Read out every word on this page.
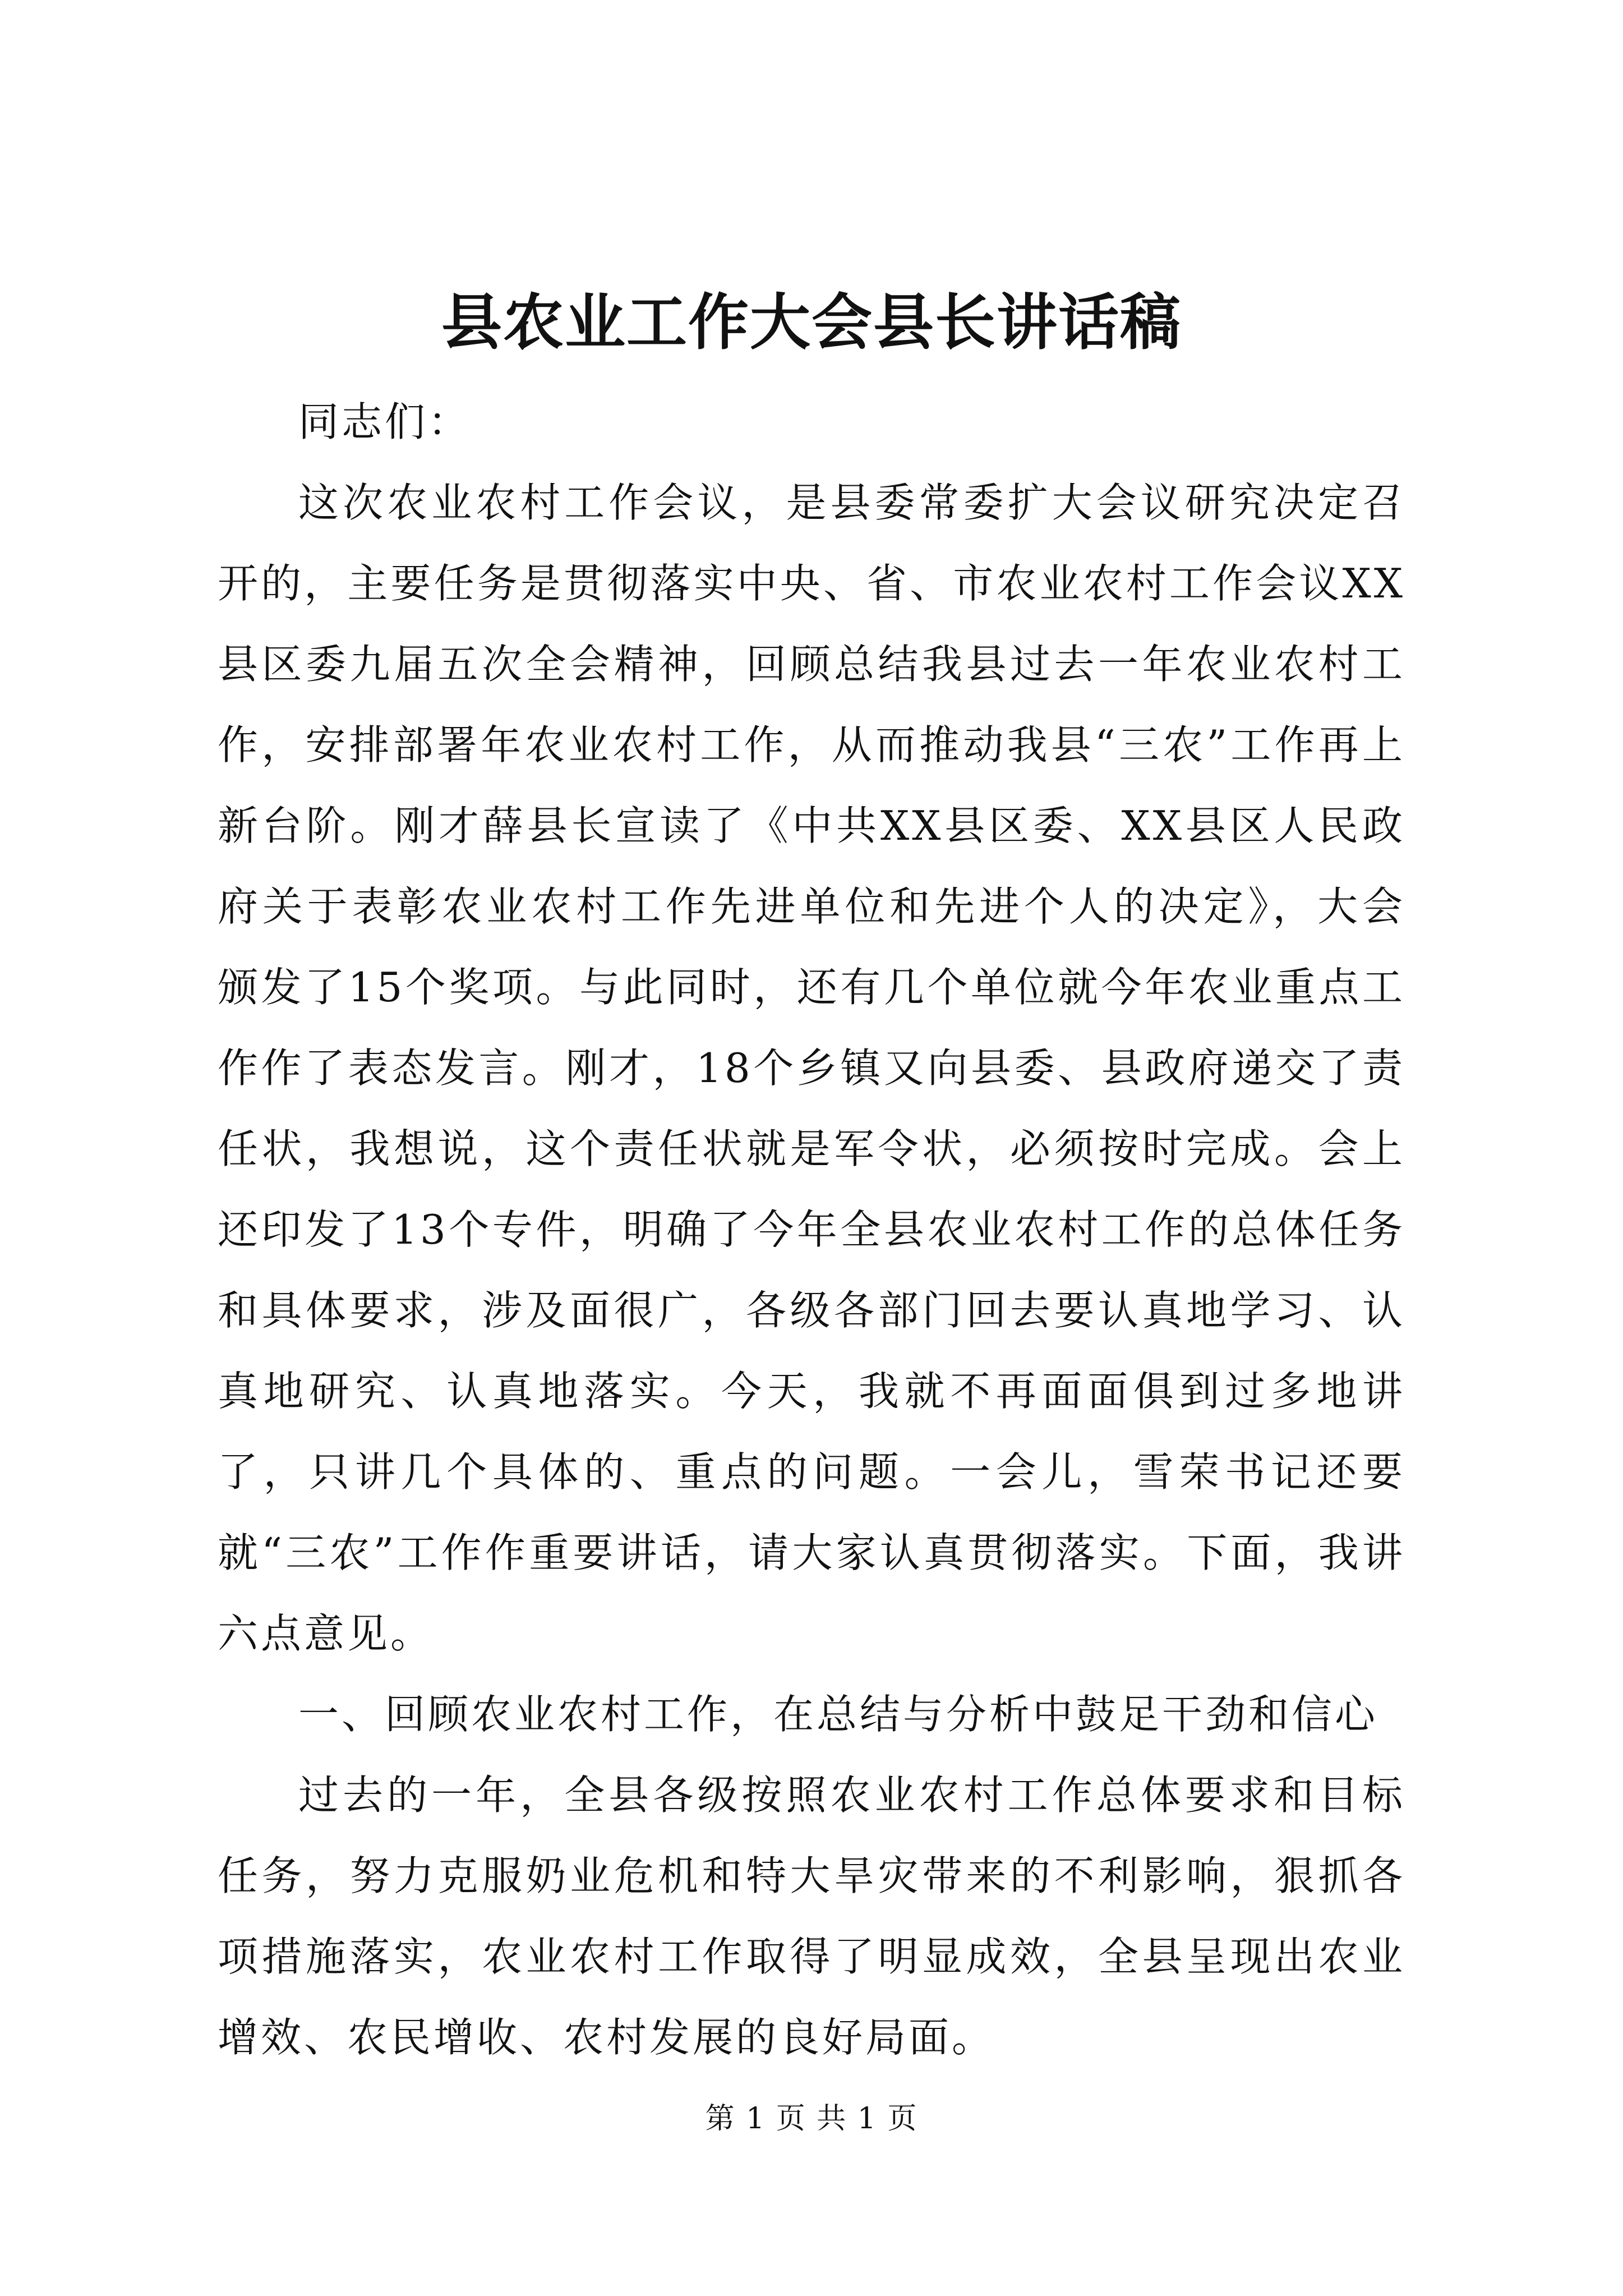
县农业工作大会县长讲话稿

同志们：

这次农业农村工作会议，是县委常委扩大会议研究决定召开的，主要任务是贯彻落实中央、省、市农业农村工作会议XX县区委九届五次全会精神，回顾总结我县过去一年农业农村工作，安排部署年农业农村工作，从而推动我县“三农”工作再上新台阶。刚才薛县长宣读了《中共XX县区委、XX县区人民政府关于表彰农业农村工作先进单位和先进个人的决定》，大会颁发了15个奖项。与此同时，还有几个单位就今年农业重点工作作了表态发言。刚才，18个乡镇又向县委、县政府递交了责任状，我想说，这个责任状就是军令状，必须按时完成。会上还印发了13个专件，明确了今年全县农业农村工作的总体任务和具体要求，涉及面很广，各级各部门回去要认真地学习、认真地研究、认真地落实。今天，我就不再面面俱到过多地讲了，只讲几个具体的、重点的问题。一会儿，雪荣书记还要就“三农”工作作重要讲话，请大家认真贯彻落实。下面，我讲六点意见。

一、回顾农业农村工作，在总结与分析中鼓足干劲和信心

过去的一年，全县各级按照农业农村工作总体要求和目标任务，努力克服奶业危机和特大旱灾带来的不利影响，狠抓各项措施落实，农业农村工作取得了明显成效，全县呈现出农业增效、农民增收、农村发展的良好局面。

第 1 页 共 1 页
